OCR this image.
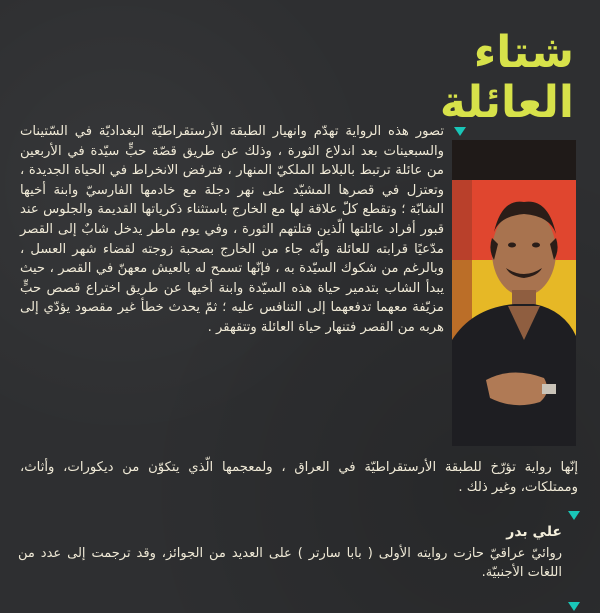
شتاء
العائلة
تصور هذه الرواية تهدّم وانهيار الطبقة الأرستقراطيّة البغداديّة في السّتينات والسبعينات بعد اندلاع الثورة ، وذلك عن طريق قصّة حبٍّ سيّدة في الأربعين من عائلة ترتبط بالبلاط الملكيّ المنهار ، فترفض الانخراط في الحياة الجديدة ، وتعتزل في قصرها المشيّد على نهر دجلة مع خادمها الفارسيّ وابنة أخيها الشابّة ؛ وتقطع كلّ علاقة لها مع الخارج باستثناء ذكرياتها القديمة والجلوس عند قبور أفراد عائلتها الّذين قتلتهم الثورة ، وفي يوم ماطر يدخل شابٌ إلى القصر مدّعيًا قرابته للعائلة وأنّه جاء من الخارج بصحبة زوجته لقضاء شهر العسل ، وبالرغم من شكوك السيّدة به ، فإنّها تسمح له بالعيش معهنّ في القصر ، حيث يبدأ الشاب بتدمير حياة هذه السيّدة وابنة أخيها عن طريق اختراع قصص حبٍّ مزيّفة معهما تدفعهما إلى التنافس عليه ؛ ثمّ يحدث خطأ غير مقصود يؤدّي إلى هربه من القصر فتنهار حياة العائلة وتتقهقر .
إنّها رواية تؤرّخ للطبقة الأرستقراطيّة في العراق ، ولمعجمها الّذي يتكوّن من ديكورات، وأثاث، وممتلكات، وغير ذلك .
علي بدر
روائيّ عراقيّ حازت روايته الأولى ( بابا سارتر ) على العديد من الجوائز، وقد ترجمت إلى عدد من اللغات الأجنبيّة.
